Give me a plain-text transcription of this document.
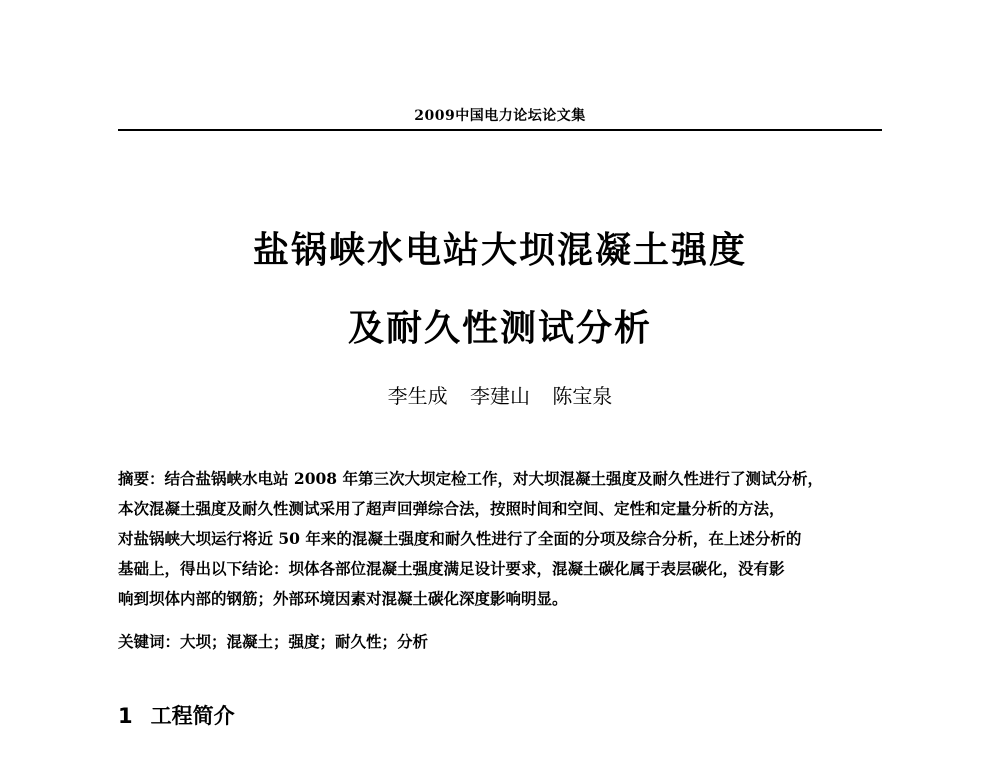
2009中国电力论坛论文集
盐锅峡水电站大坝混凝土强度
及耐久性测试分析
李生成 李建山 陈宝泉
摘要：结合盐锅峡水电站 2008 年第三次大坝定检工作，对大坝混凝土强度及耐久性进行了测试分析，
本次混凝土强度及耐久性测试采用了超声回弹综合法，按照时间和空间、定性和定量分析的方法，
对盐锅峡大坝运行将近 50 年来的混凝土强度和耐久性进行了全面的分项及综合分析，在上述分析的
基础上，得出以下结论：坝体各部位混凝土强度满足设计要求，混凝土碳化属于表层碳化，没有影
响到坝体内部的钢筋；外部环境因素对混凝土碳化深度影响明显。
关键词：大坝；混凝土；强度；耐久性；分析
1 工程简介
